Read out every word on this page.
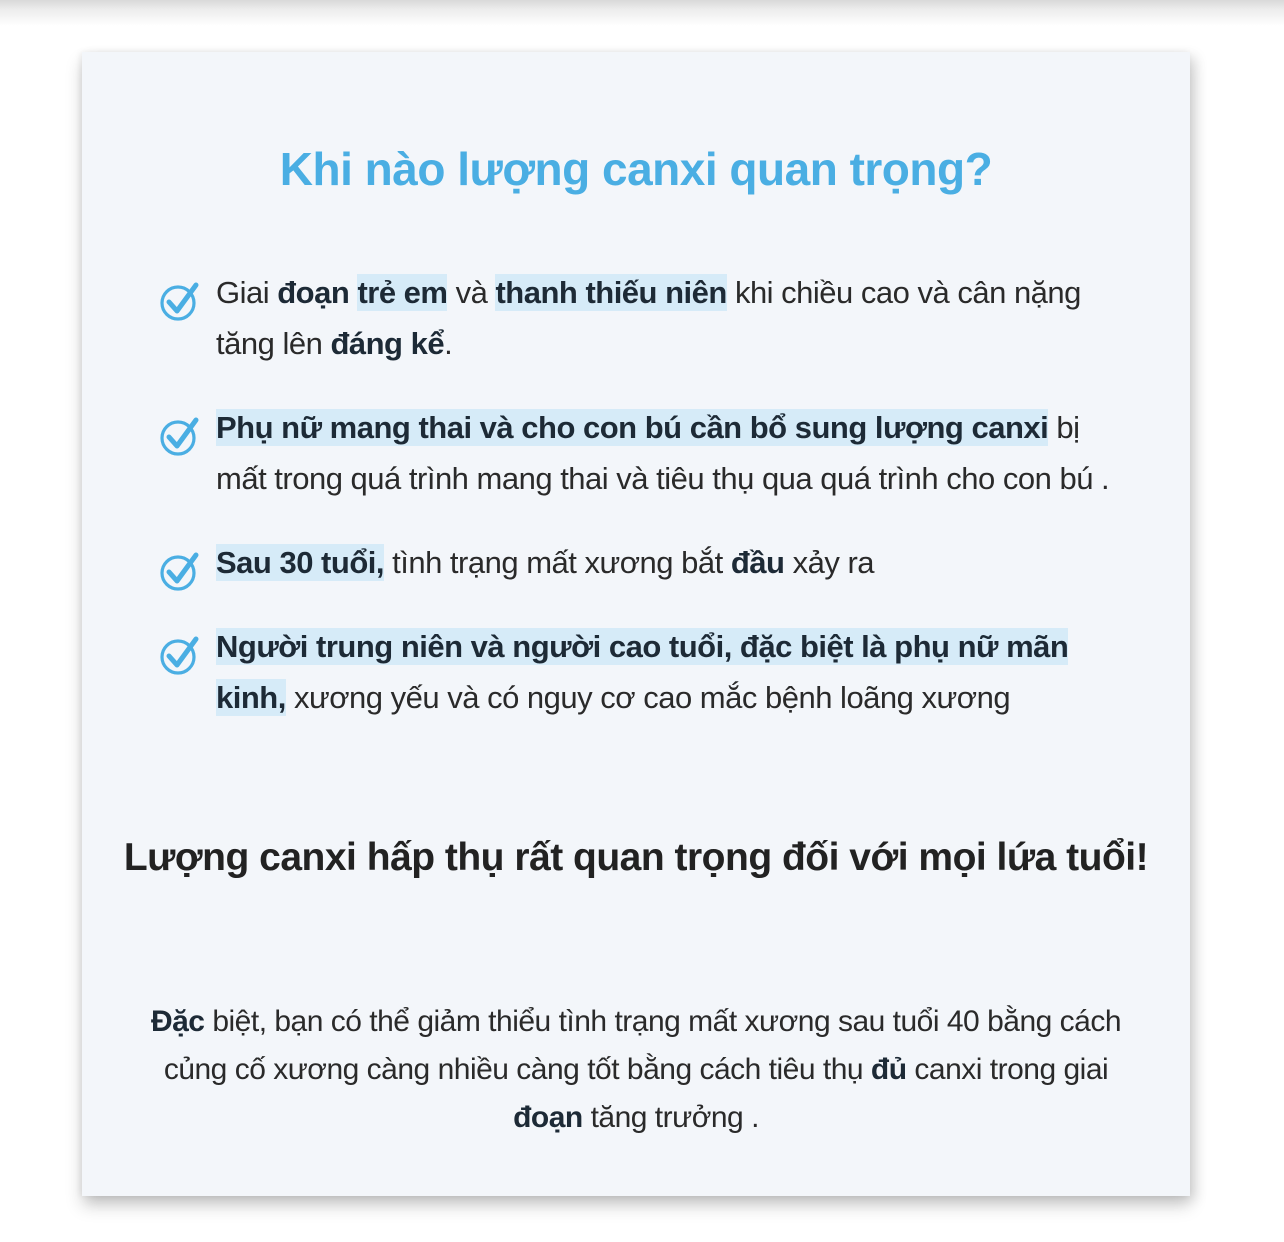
Khi nào lượng canxi quan trọng?
Giai đoạn trẻ em và thanh thiếu niên khi chiều cao và cân nặng tăng lên đáng kể.
Phụ nữ mang thai và cho con bú cần bổ sung lượng canxi bị mất trong quá trình mang thai và tiêu thụ qua quá trình cho con bú .
Sau 30 tuổi, tình trạng mất xương bắt đầu xảy ra
Người trung niên và người cao tuổi, đặc biệt là phụ nữ mãn kinh, xương yếu và có nguy cơ cao mắc bệnh loãng xương
Lượng canxi hấp thụ rất quan trọng đối với mọi lứa tuổi!

Đặc biệt, bạn có thể giảm thiểu tình trạng mất xương sau tuổi 40 bằng cách củng cố xương càng nhiều càng tốt bằng cách tiêu thụ đủ canxi trong giai đoạn tăng trưởng .
